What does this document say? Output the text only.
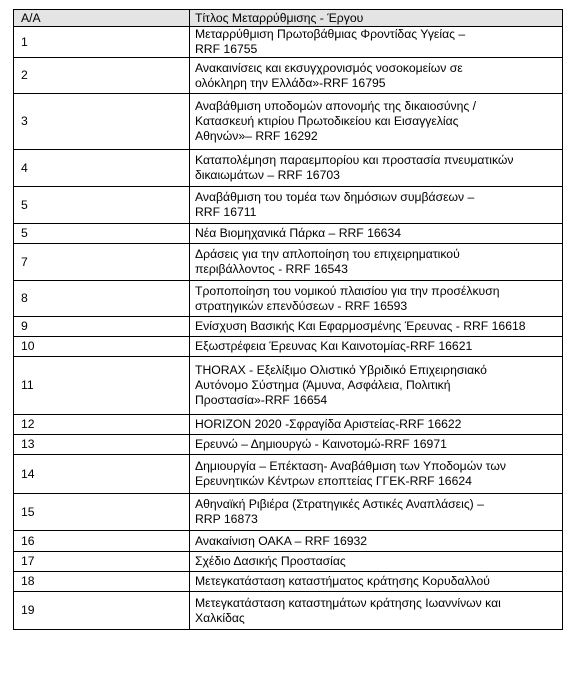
Α/Α	Τίτλος Μεταρρύθμισης - Έργου
1	Μεταρρύθμιση Πρωτοβάθμιας Φροντίδας Υγείας –
RRF 16755

2	Ανακαινίσεις και εκσυγχρονισμός νοσοκομείων σε
ολόκληρη την Ελλάδα»-RRF 16795

3	Αναβάθμιση υποδομών απονομής της δικαιοσύνης /
Κατασκευή κτιρίου Πρωτοδικείου και Εισαγγελίας
Αθηνών»– RRF 16292

4	Καταπολέμηση παραεμπορίου και προστασία πνευματικών
δικαιωμάτων – RRF 16703

5	Αναβάθμιση του τομέα των δημόσιων συμβάσεων –
RRF 16711

5	Νέα Βιομηχανικά Πάρκα – RRF 16634

7	Δράσεις για την απλοποίηση του επιχειρηματικού
περιβάλλοντος - RRF 16543

8	Τροποποίηση του νομικού πλαισίου για την προσέλκυση
στρατηγικών επενδύσεων - RRF 16593

9	Ενίσχυση Βασικής Και Εφαρμοσμένης Έρευνας - RRF 16618

10	Εξωστρέφεια Έρευνας Και Καινοτομίας-RRF 16621

11	THORAX - Εξελίξιμο Ολιστικό Υβριδικό Επιχειρησιακό
Αυτόνομο Σύστημα (Άμυνα, Ασφάλεια, Πολιτική
Προστασία»-RRF 16654

12	HORIZON 2020 -Σφραγίδα Αριστείας-RRF 16622

13	Ερευνώ – Δημιουργώ - Καινοτομώ-RRF 16971

14	Δημιουργία – Επέκταση- Αναβάθμιση των Υποδομών των
Ερευνητικών Κέντρων εποπτείας ΓΓΕΚ-RRF 16624

15	Αθηναϊκή Ριβιέρα (Στρατηγικές Αστικές Αναπλάσεις) –
RRP 16873

16	Ανακαίνιση ΟΑΚΑ – RRF 16932

17	Σχέδιο Δασικής Προστασίας

18	Μετεγκατάσταση καταστήματος κράτησης Κορυδαλλού

19	Μετεγκατάσταση καταστημάτων κράτησης Ιωαννίνων και
Χαλκίδας
